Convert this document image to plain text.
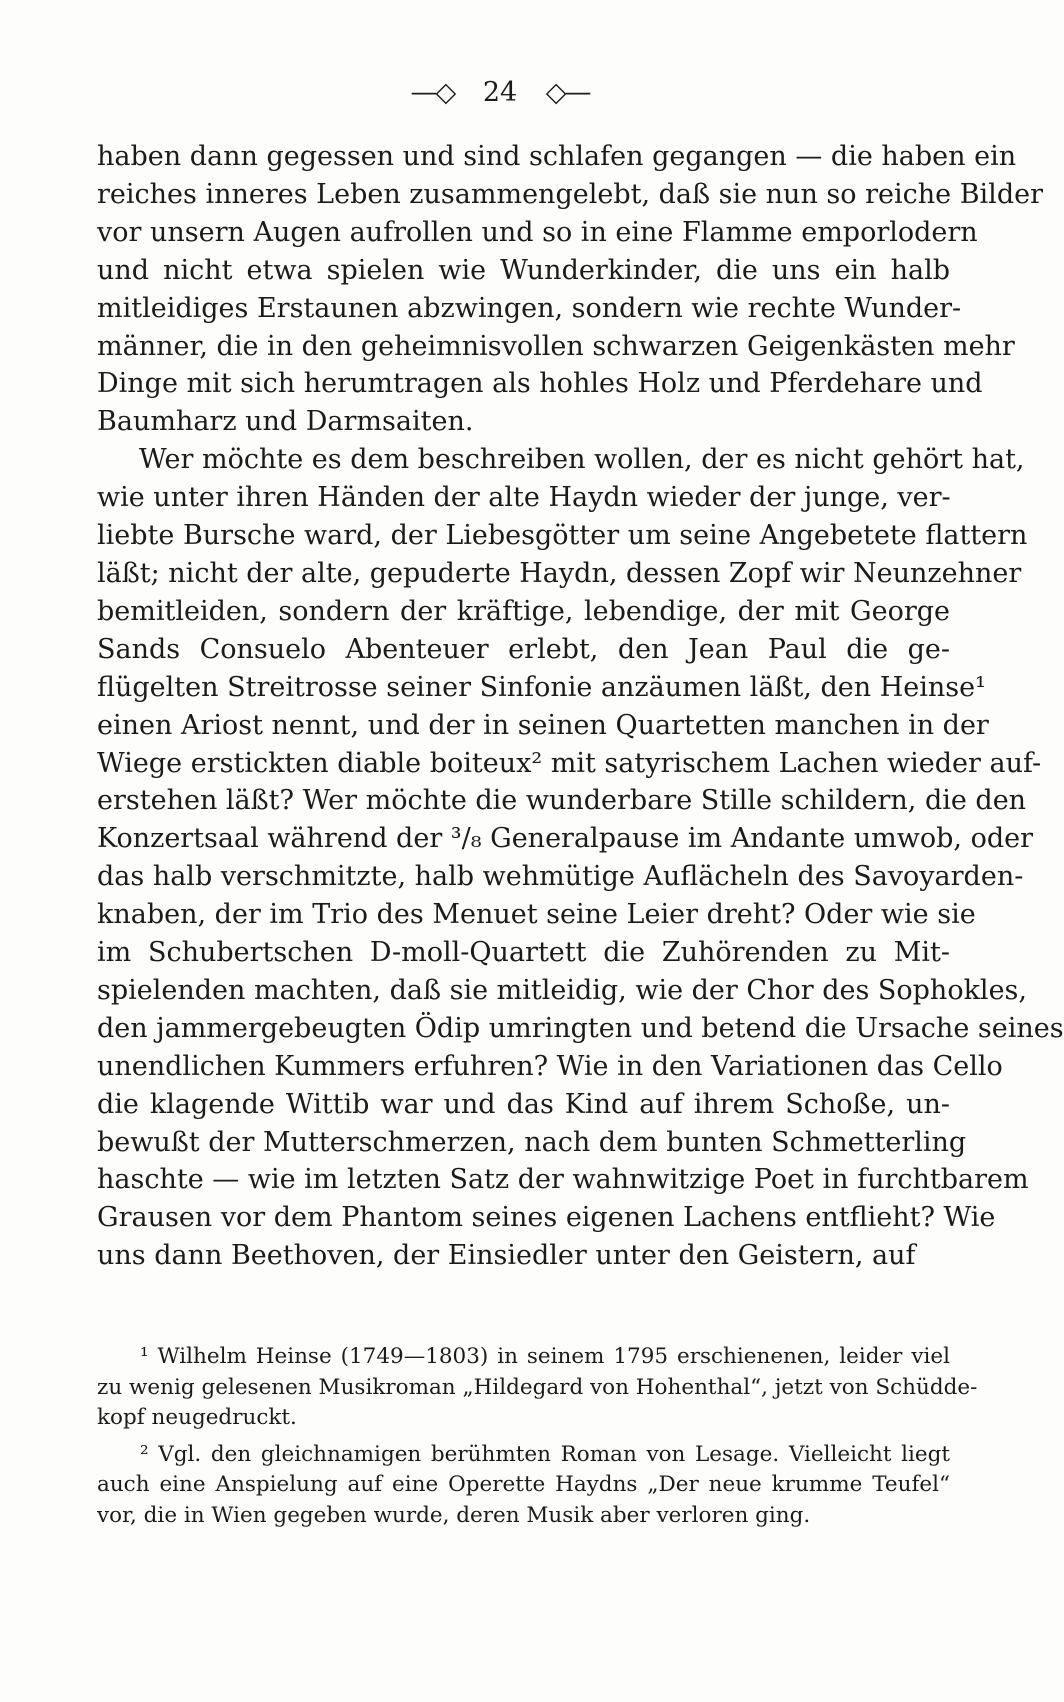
—◇ 24 ◇—
haben dann gegessen und sind schlafen gegangen — die haben ein
reiches inneres Leben zusammengelebt, daß sie nun so reiche Bilder
vor unsern Augen aufrollen und so in eine Flamme emporlodern
und nicht etwa spielen wie Wunderkinder, die uns ein halb
mitleidiges Erstaunen abzwingen, sondern wie rechte Wunder-
männer, die in den geheimnisvollen schwarzen Geigenkästen mehr
Dinge mit sich herumtragen als hohles Holz und Pferdehare und
Baumharz und Darmsaiten.
Wer möchte es dem beschreiben wollen, der es nicht gehört hat,
wie unter ihren Händen der alte Haydn wieder der junge, ver-
liebte Bursche ward, der Liebesgötter um seine Angebetete flattern
läßt; nicht der alte, gepuderte Haydn, dessen Zopf wir Neunzehner
bemitleiden, sondern der kräftige, lebendige, der mit George
Sands Consuelo Abenteuer erlebt, den Jean Paul die ge-
flügelten Streitrosse seiner Sinfonie anzäumen läßt, den Heinse¹
einen Ariost nennt, und der in seinen Quartetten manchen in der
Wiege erstickten diable boiteux² mit satyrischem Lachen wieder auf-
erstehen läßt? Wer möchte die wunderbare Stille schildern, die den
Konzertsaal während der ³/₈ Generalpause im Andante umwob, oder
das halb verschmitzte, halb wehmütige Auflächeln des Savoyarden-
knaben, der im Trio des Menuet seine Leier dreht? Oder wie sie
im Schubertschen D-moll-Quartett die Zuhörenden zu Mit-
spielenden machten, daß sie mitleidig, wie der Chor des Sophokles,
den jammergebeugten Ödip umringten und betend die Ursache seines
unendlichen Kummers erfuhren? Wie in den Variationen das Cello
die klagende Wittib war und das Kind auf ihrem Schoße, un-
bewußt der Mutterschmerzen, nach dem bunten Schmetterling
haschte — wie im letzten Satz der wahnwitzige Poet in furchtbarem
Grausen vor dem Phantom seines eigenen Lachens entflieht? Wie
uns dann Beethoven, der Einsiedler unter den Geistern, auf
¹ Wilhelm Heinse (1749—1803) in seinem 1795 erschienenen, leider viel
zu wenig gelesenen Musikroman „Hildegard von Hohenthal“, jetzt von Schüdde-
kopf neugedruckt.
² Vgl. den gleichnamigen berühmten Roman von Lesage. Vielleicht liegt
auch eine Anspielung auf eine Operette Haydns „Der neue krumme Teufel“
vor, die in Wien gegeben wurde, deren Musik aber verloren ging.
